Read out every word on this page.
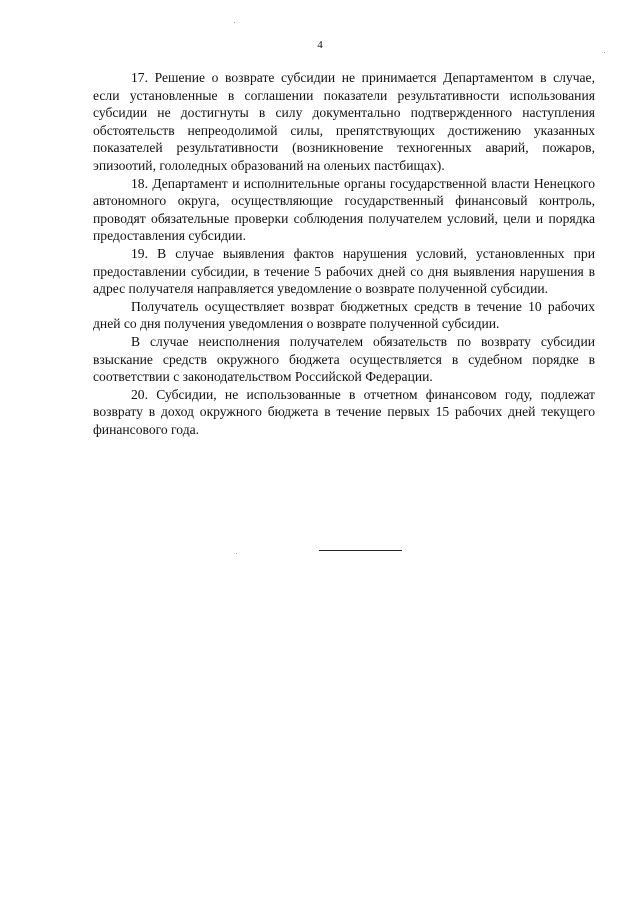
4

17. Решение о возврате субсидии не принимается Департаментом в случае, если установленные в соглашении показатели результативности использования субсидии не достигнуты в силу документально подтвержденного наступления обстоятельств непреодолимой силы, препятствующих достижению указанных показателей результативности (возникновение техногенных аварий, пожаров, эпизоотий, гололедных образований на оленьих пастбищах).

18. Департамент и исполнительные органы государственной власти Ненецкого автономного округа, осуществляющие государственный финансовый контроль, проводят обязательные проверки соблюдения получателем условий, цели и порядка предоставления субсидии.

19. В случае выявления фактов нарушения условий, установленных при предоставлении субсидии, в течение 5 рабочих дней со дня выявления нарушения в адрес получателя направляется уведомление о возврате полученной субсидии.

Получатель осуществляет возврат бюджетных средств в течение 10 рабочих дней со дня получения уведомления о возврате полученной субсидии.

В случае неисполнения получателем обязательств по возврату субсидии взыскание средств окружного бюджета осуществляется в судебном порядке в соответствии с законодательством Российской Федерации.

20. Субсидии, не использованные в отчетном финансовом году, подлежат возврату в доход окружного бюджета в течение первых 15 рабочих дней текущего финансового года.
